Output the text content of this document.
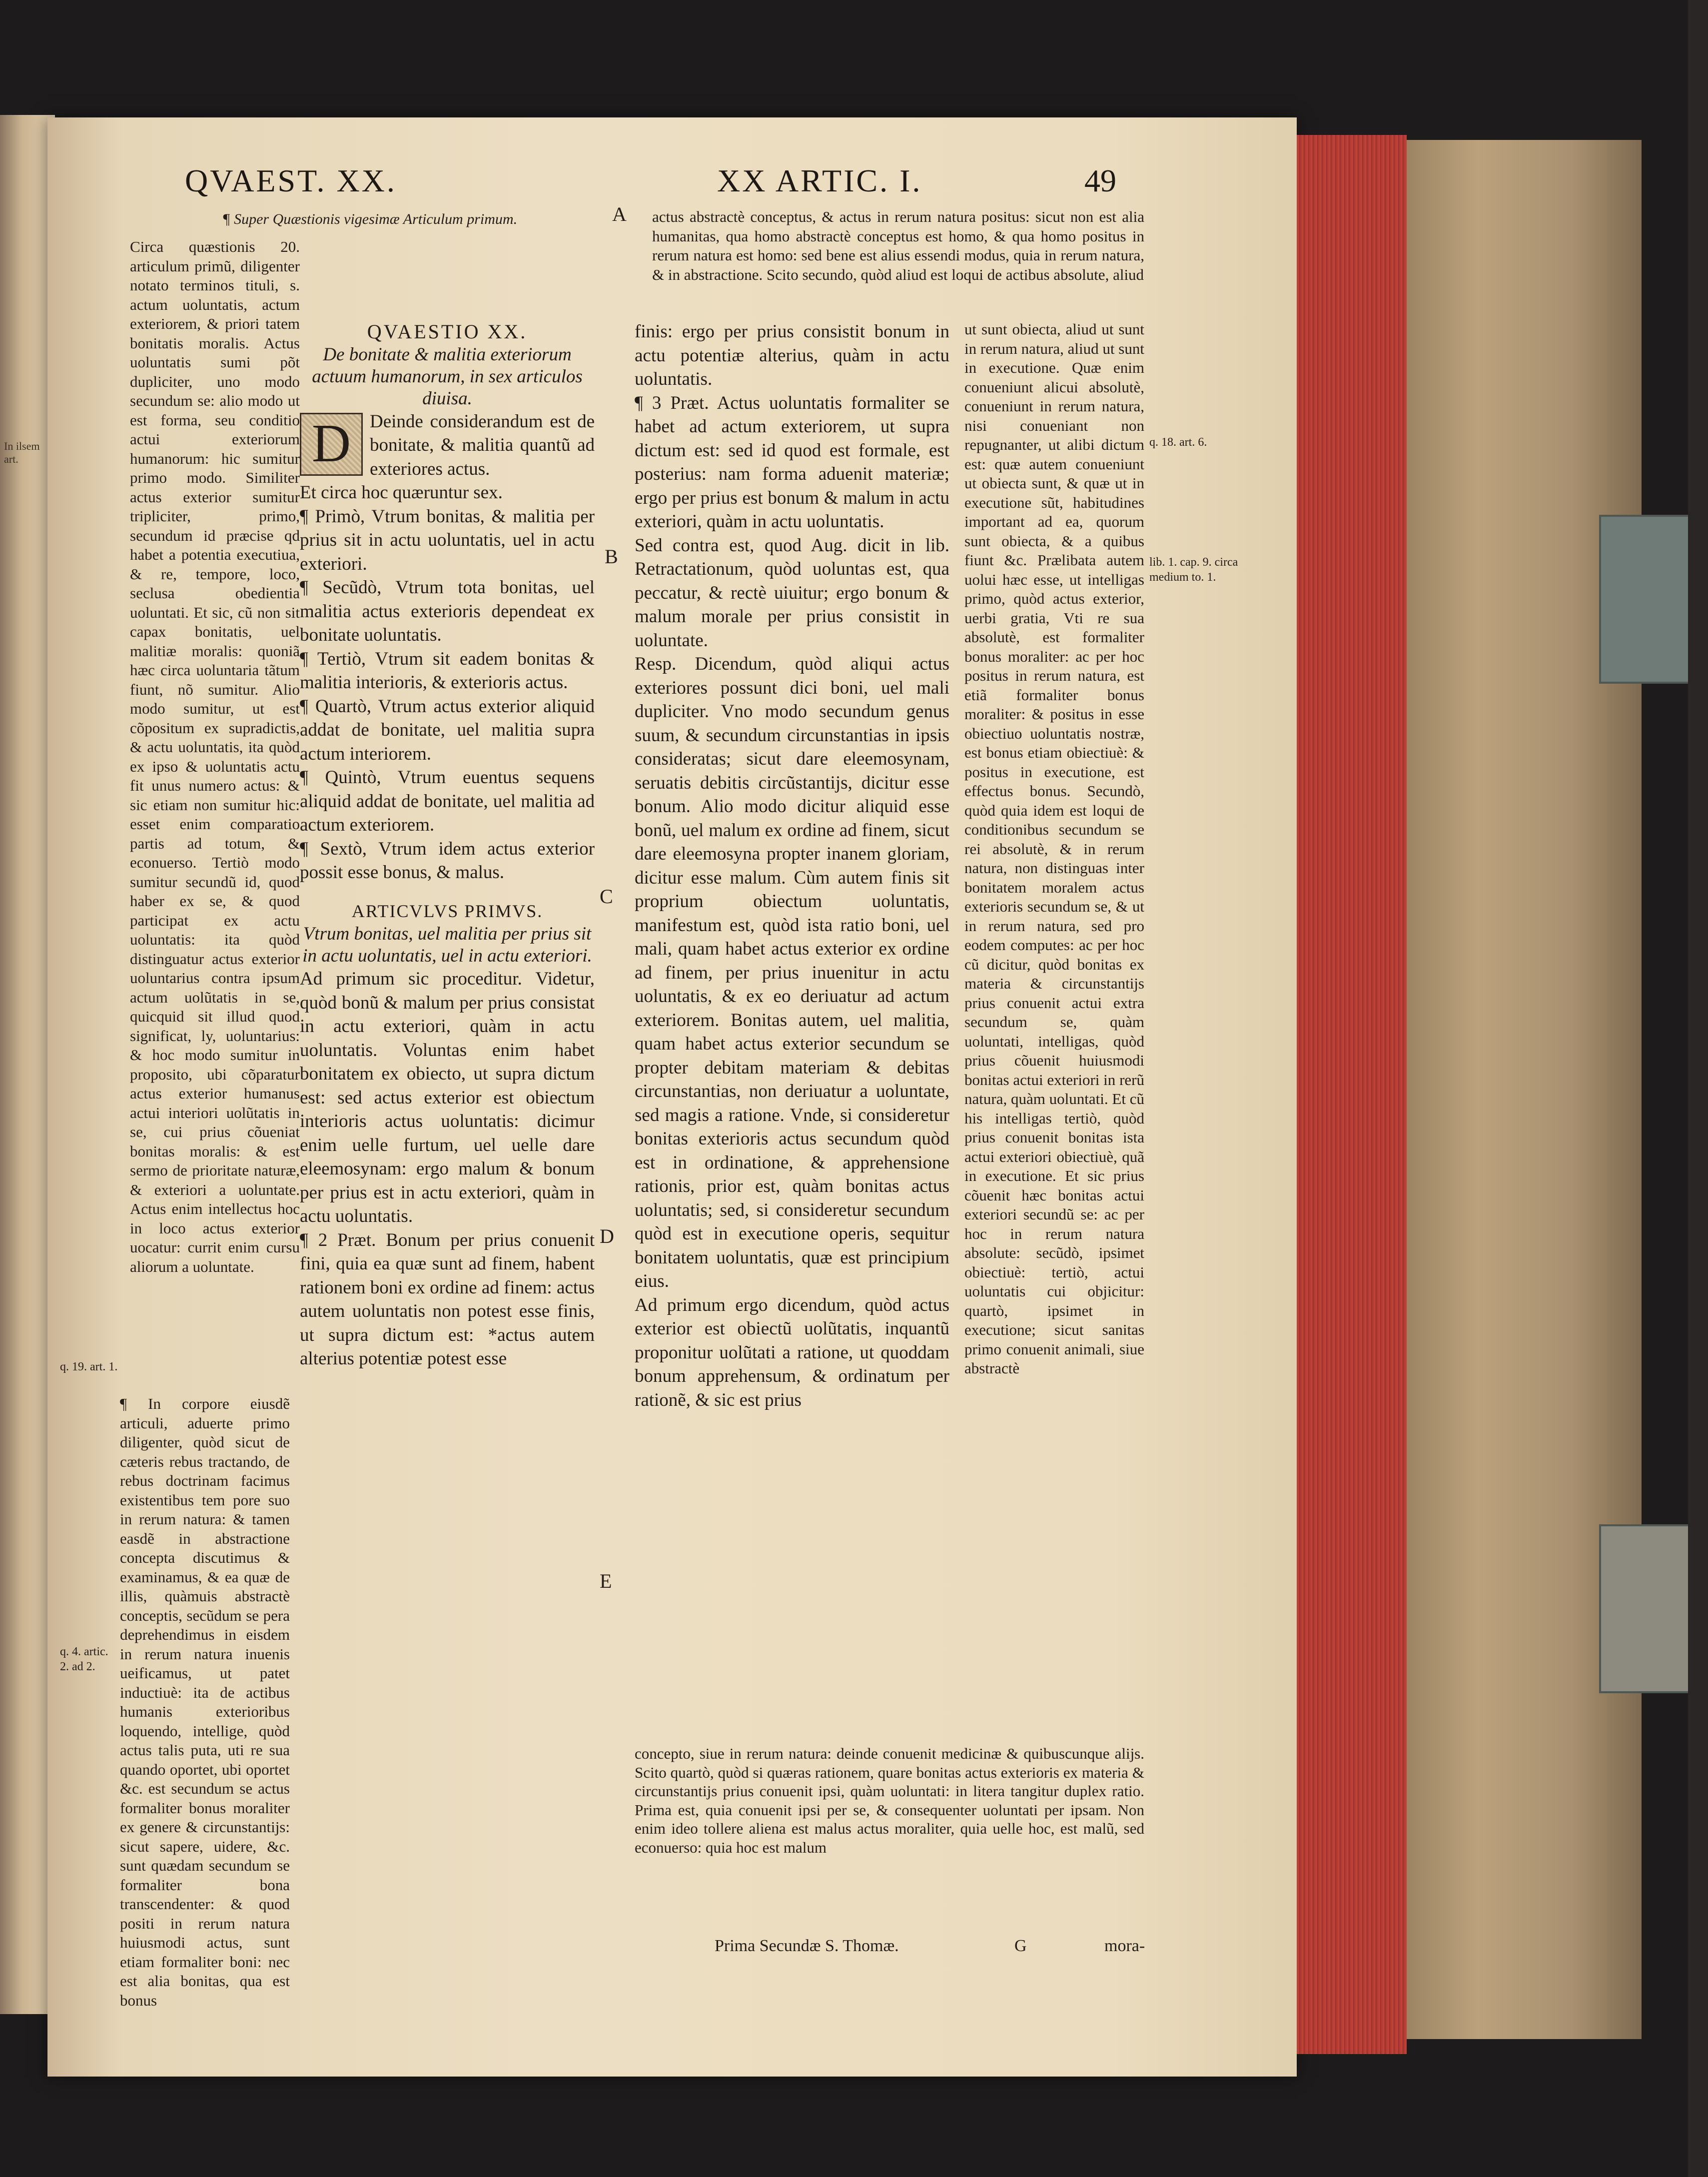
In ilsem art.
QVAEST. XX.	XX ARTIC. I.	49

¶ Super Quæstionis vigesimæ Articulum primum.

Circa quæstionis 20. articulum primũ, diligenter notato terminos tituli, s. actum uoluntatis, actum exteriorem, & priori tatem bonitatis moralis. Actus uoluntatis sumi põt dupliciter, uno modo secundum se: alio modo ut est forma, seu conditio actui exteriorum humanorum: hic sumitur primo modo. Similiter actus exterior sumitur tripliciter, primo, secundum id præcise qd habet a potentia executiua, & re, tempore, loco, seclusa obedientia uoluntati. Et sic, cũ non sit capax bonitatis, uel malitiæ moralis: quoniã hæc circa uoluntaria tãtum fiunt, nõ sumitur. Alio modo sumitur, ut est cõpositum ex supradictis, & actu uoluntatis, ita quòd ex ipso & uoluntatis actu fit unus numero actus: & sic etiam non sumitur hic: esset enim comparatio partis ad totum, & econuerso. Tertiò modo sumitur secundũ id, quod haber ex se, & quod participat ex actu uoluntatis: ita quòd distinguatur actus exterior uoluntarius contra ipsum actum uolũtatis in se, quicquid sit illud quod significat, ly, uoluntarius: & hoc modo sumitur in proposito, ubi cõparatur actus exterior humanus actui interiori uolũtatis in se, cui prius cõueniat bonitas moralis: & est sermo de prioritate naturæ, & exteriori a uoluntate. Actus enim intellectus hoc in loco actus exterior uocatur: currit enim cursu aliorum a uoluntate.

¶ In corpore eiusdẽ articuli, aduerte primo diligenter, quòd sicut de cæteris rebus tractando, de rebus doctrinam facimus existentibus tem pore suo in rerum natura: & tamen easdẽ in abstractione concepta discutimus & examinamus, & ea quæ de illis, quàmuis abstractè conceptis, secũdum se pera deprehendimus in eisdem in rerum natura inuenis ueificamus, ut patet inductiuè: ita de actibus humanis exterioribus loquendo, intellige, quòd actus talis puta, uti re sua quando oportet, ubi oportet &c. est secundum se actus formaliter bonus moraliter ex genere & circunstantijs: sicut sapere, uidere, &c. sunt quædam secundum se formaliter bona transcendenter: & quod positi in rerum natura huiusmodi actus, sunt etiam formaliter boni: nec est alia bonitas, qua est bonus

q. 19. art. 1.
q. 4. artic. 2. ad 2.

QVAESTIO XX.

De bonitate & malitia exteriorum actuum humanorum, in sex articulos diuisa.

D	Deinde considerandum est de bonitate, & malitia quantũ ad exteriores actus.

Et circa hoc quæruntur sex.

¶ Primò, Vtrum bonitas, & malitia per prius sit in actu uoluntatis, uel in actu exteriori.

¶ Secũdò, Vtrum tota bonitas, uel malitia actus exterioris dependeat ex bonitate uoluntatis.

¶ Tertiò, Vtrum sit eadem bonitas & malitia interioris, & exterioris actus.

¶ Quartò, Vtrum actus exterior aliquid addat de bonitate, uel malitia supra actum interiorem.

¶ Quintò, Vtrum euentus sequens aliquid addat de bonitate, uel malitia ad actum exteriorem.

¶ Sextò, Vtrum idem actus exterior possit esse bonus, & malus.

ARTICVLVS PRIMVS.

Vtrum bonitas, uel malitia per prius sit in actu uoluntatis, uel in actu exteriori.

Ad primum sic proceditur. Videtur, quòd bonũ & malum per prius consistat in actu exteriori, quàm in actu uoluntatis. Voluntas enim habet bonitatem ex obiecto, ut supra dictum est: sed actus exterior est obiectum interioris actus uoluntatis: dicimur enim uelle furtum, uel uelle dare eleemosynam: ergo malum & bonum per prius est in actu exteriori, quàm in actu uoluntatis.

¶ 2 Præt. Bonum per prius conuenit fini, quia ea quæ sunt ad finem, habent rationem boni ex ordine ad finem: actus autem uoluntatis non potest esse finis, ut supra dictum est: *actus autem alterius potentiæ potest esse

actus abstractè conceptus, & actus in rerum natura positus: sicut non est alia humanitas, qua homo abstractè conceptus est homo, & qua homo positus in rerum natura est homo: sed bene est alius essendi modus, quia in rerum natura, & in abstractione. Scito secundo, quòd aliud est loqui de actibus absolute, aliud

finis: ergo per prius consistit bonum in actu potentiæ alterius, quàm in actu uoluntatis.

¶ 3 Præt. Actus uoluntatis formaliter se habet ad actum exteriorem, ut supra dictum est: sed id quod est formale, est posterius: nam forma aduenit materiæ; ergo per prius est bonum & malum in actu exteriori, quàm in actu uoluntatis.

Sed contra est, quod Aug. dicit in lib. Retractationum, quòd uoluntas est, qua peccatur, & rectè uiuitur; ergo bonum & malum morale per prius consistit in uoluntate.

Resp. Dicendum, quòd aliqui actus exteriores possunt dici boni, uel mali dupliciter. Vno modo secundum genus suum, & secundum circunstantias in ipsis consideratas; sicut dare eleemosynam, seruatis debitis circũstantijs, dicitur esse bonum. Alio modo dicitur aliquid esse bonũ, uel malum ex ordine ad finem, sicut dare eleemosyna propter inanem gloriam, dicitur esse malum. Cùm autem finis sit proprium obiectum uoluntatis, manifestum est, quòd ista ratio boni, uel mali, quam habet actus exterior ex ordine ad finem, per prius inuenitur in actu uoluntatis, & ex eo deriuatur ad actum exteriorem. Bonitas autem, uel malitia, quam habet actus exterior secundum se propter debitam materiam & debitas circunstantias, non deriuatur a uoluntate, sed magis a ratione. Vnde, si consideretur bonitas exterioris actus secundum quòd est in ordinatione, & apprehensione rationis, prior est, quàm bonitas actus uoluntatis; sed, si consideretur secundum quòd est in executione operis, sequitur bonitatem uoluntatis, quæ est principium eius.

Ad primum ergo dicendum, quòd actus exterior est obiectũ uolũtatis, inquantũ proponitur uolũtati a ratione, ut quoddam bonum apprehensum, & ordinatum per rationẽ, & sic est prius

ut sunt obiecta, aliud ut sunt in rerum natura, aliud ut sunt in executione. Quæ enim conueniunt alicui absolutè, conueniunt in rerum natura, nisi conueniant non repugnanter, ut alibi dictum est: quæ autem conueniunt ut obiecta sunt, & quæ ut in executione sũt, habitudines important ad ea, quorum sunt obiecta, & a quibus fiunt &c. Prælibata autem uolui hæc esse, ut intelligas primo, quòd actus exterior, uerbi gratia, Vti re sua absolutè, est formaliter bonus moraliter: ac per hoc positus in rerum natura, est etiã formaliter bonus moraliter: & positus in esse obiectiuo uoluntatis nostræ, est bonus etiam obiectiuè: & positus in executione, est effectus bonus. Secundò, quòd quia idem est loqui de conditionibus secundum se rei absolutè, & in rerum natura, non distinguas inter bonitatem moralem actus exterioris secundum se, & ut in rerum natura, sed pro eodem computes: ac per hoc cũ dicitur, quòd bonitas ex materia & circunstantijs prius conuenit actui extra secundum se, quàm uoluntati, intelligas, quòd prius cõuenit huiusmodi bonitas actui exteriori in rerũ natura, quàm uoluntati. Et cũ his intelligas tertiò, quòd prius conuenit bonitas ista actui exteriori obiectiuè, quã in executione. Et sic prius cõuenit hæc bonitas actui exteriori secundũ se: ac per hoc in rerum natura absolute: secũdò, ipsimet obiectiuè: tertiò, actui uoluntatis cui objicitur: quartò, ipsimet in executione; sicut sanitas primo conuenit animali, siue abstractè
q. 18. art. 6.
lib. 1. cap. 9. circa medium to. 1.
A
B
C
D
E
concepto, siue in rerum natura: deinde conuenit medicinæ & quibuscunque alijs. Scito quartò, quòd si quæras rationem, quare bonitas actus exterioris ex materia & circunstantijs prius conuenit ipsi, quàm uoluntati: in litera tangitur duplex ratio. Prima est, quia conuenit ipsi per se, & consequenter uoluntati per ipsam. Non enim ideo tollere aliena est malus actus moraliter, quia uelle hoc, est malũ, sed econuerso: quia hoc est malum
Prima Secundæ S. Thomæ.	G	mora-
